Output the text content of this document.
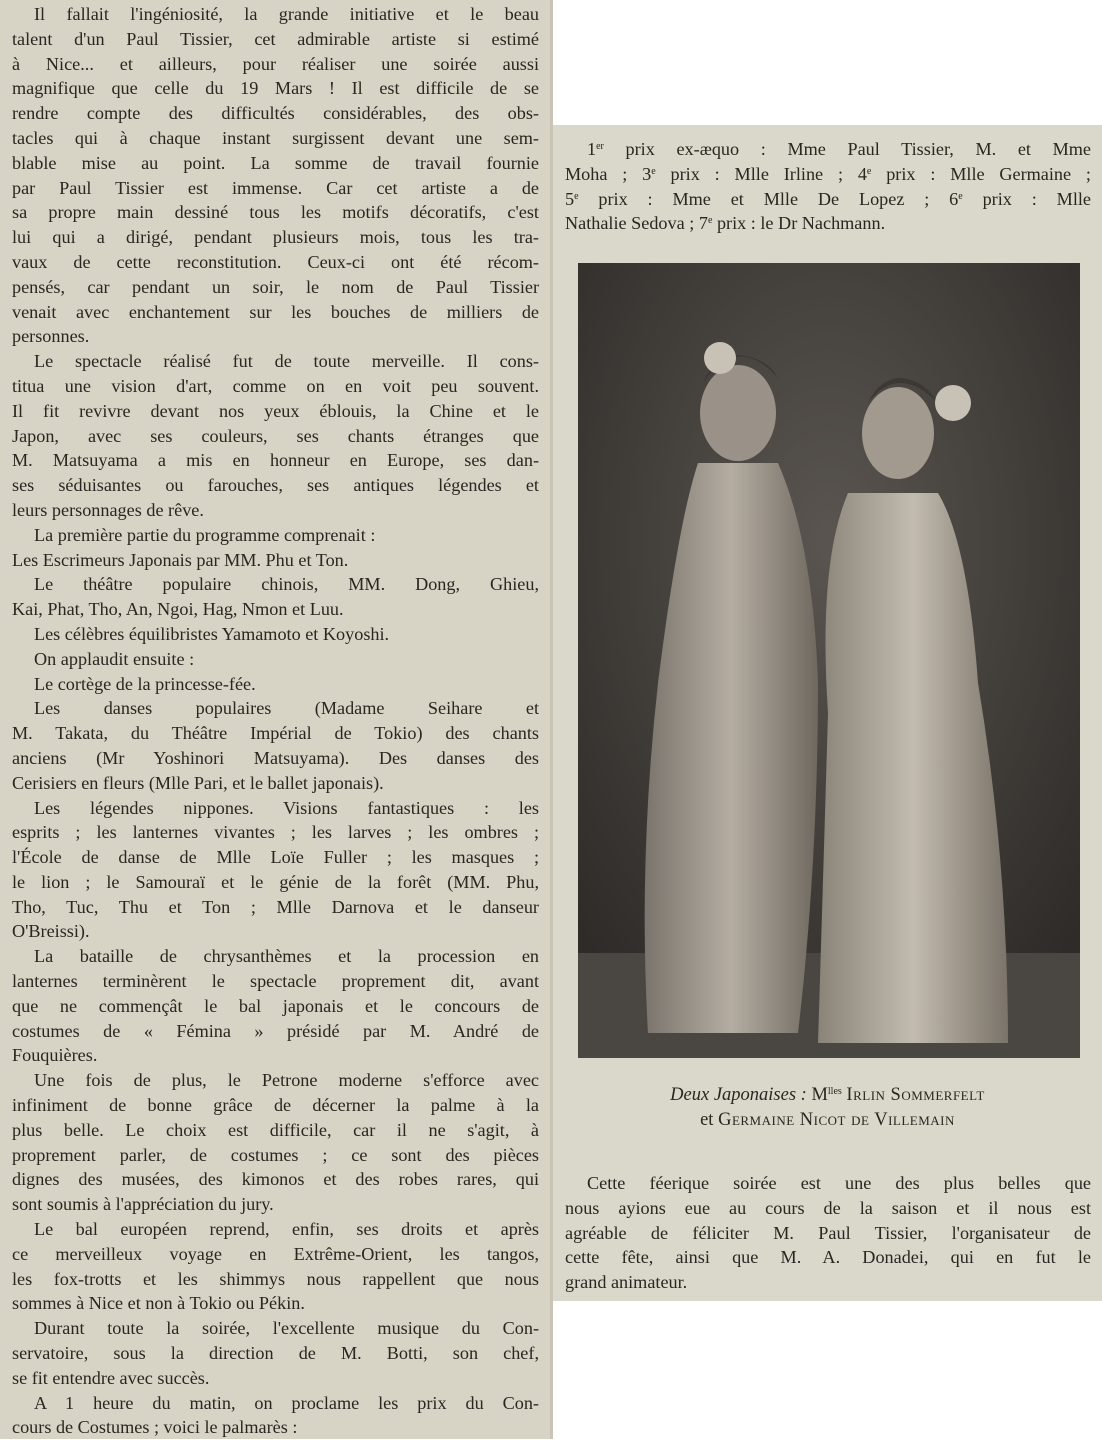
Il fallait l'ingéniosité, la grande initiative et le beau
talent d'un Paul Tissier, cet admirable artiste si estimé
à Nice... et ailleurs, pour réaliser une soirée aussi
magnifique que celle du 19 Mars ! Il est difficile de se
rendre compte des difficultés considérables, des obs-
tacles qui à chaque instant surgissent devant une sem-
blable mise au point. La somme de travail fournie
par Paul Tissier est immense. Car cet artiste a de
sa propre main dessiné tous les motifs décoratifs, c'est
lui qui a dirigé, pendant plusieurs mois, tous les tra-
vaux de cette reconstitution. Ceux-ci ont été récom-
pensés, car pendant un soir, le nom de Paul Tissier
venait avec enchantement sur les bouches de milliers de
personnes.
Le spectacle réalisé fut de toute merveille. Il cons-
titua une vision d'art, comme on en voit peu souvent.
Il fit revivre devant nos yeux éblouis, la Chine et le
Japon, avec ses couleurs, ses chants étranges que
M. Matsuyama a mis en honneur en Europe, ses dan-
ses séduisantes ou farouches, ses antiques légendes et
leurs personnages de rêve.
La première partie du programme comprenait :
Les Escrimeurs Japonais par MM. Phu et Ton.
Le théâtre populaire chinois, MM. Dong, Ghieu,
Kai, Phat, Tho, An, Ngoi, Hag, Nmon et Luu.
Les célèbres équilibristes Yamamoto et Koyoshi.
On applaudit ensuite :
Le cortège de la princesse-fée.
Les danses populaires (Madame Seihare et
M. Takata, du Théâtre Impérial de Tokio) des chants
anciens (Mr Yoshinori Matsuyama). Des danses des
Cerisiers en fleurs (Mlle Pari, et le ballet japonais).
Les légendes nippones. Visions fantastiques : les
esprits ; les lanternes vivantes ; les larves ; les ombres ;
l'École de danse de Mlle Loïe Fuller ; les masques ;
le lion ; le Samouraï et le génie de la forêt (MM. Phu,
Tho, Tuc, Thu et Ton ; Mlle Darnova et le danseur
O'Breissi).
La bataille de chrysanthèmes et la procession en
lanternes terminèrent le spectacle proprement dit, avant
que ne commençât le bal japonais et le concours de
costumes de « Fémina » présidé par M. André de
Fouquières.
Une fois de plus, le Petrone moderne s'efforce avec
infiniment de bonne grâce de décerner la palme à la
plus belle. Le choix est difficile, car il ne s'agit, à
proprement parler, de costumes ; ce sont des pièces
dignes des musées, des kimonos et des robes rares, qui
sont soumis à l'appréciation du jury.
Le bal européen reprend, enfin, ses droits et après
ce merveilleux voyage en Extrême-Orient, les tangos,
les fox-trotts et les shimmys nous rappellent que nous
sommes à Nice et non à Tokio ou Pékin.
Durant toute la soirée, l'excellente musique du Con-
servatoire, sous la direction de M. Botti, son chef,
se fit entendre avec succès.
A 1 heure du matin, on proclame les prix du Con-
cours de Costumes ; voici le palmarès :
1er prix ex-æquo : Mme Paul Tissier, M. et Mme
Moha ; 3e prix : Mlle Irline ; 4e prix : Mlle Germaine ;
5e prix : Mme et Mlle De Lopez ; 6e prix : Mlle
Nathalie Sedova ; 7e prix : le Dr Nachmann.
Deux Japonaises : $M^{lles}$ Irlin Sommerfelt
et Germaine Nicot de Villemain
Cette féerique soirée est une des plus belles que
nous ayions eue au cours de la saison et il nous est
agréable de féliciter M. Paul Tissier, l'organisateur de
cette fête, ainsi que M. A. Donadei, qui en fut le
grand animateur.
